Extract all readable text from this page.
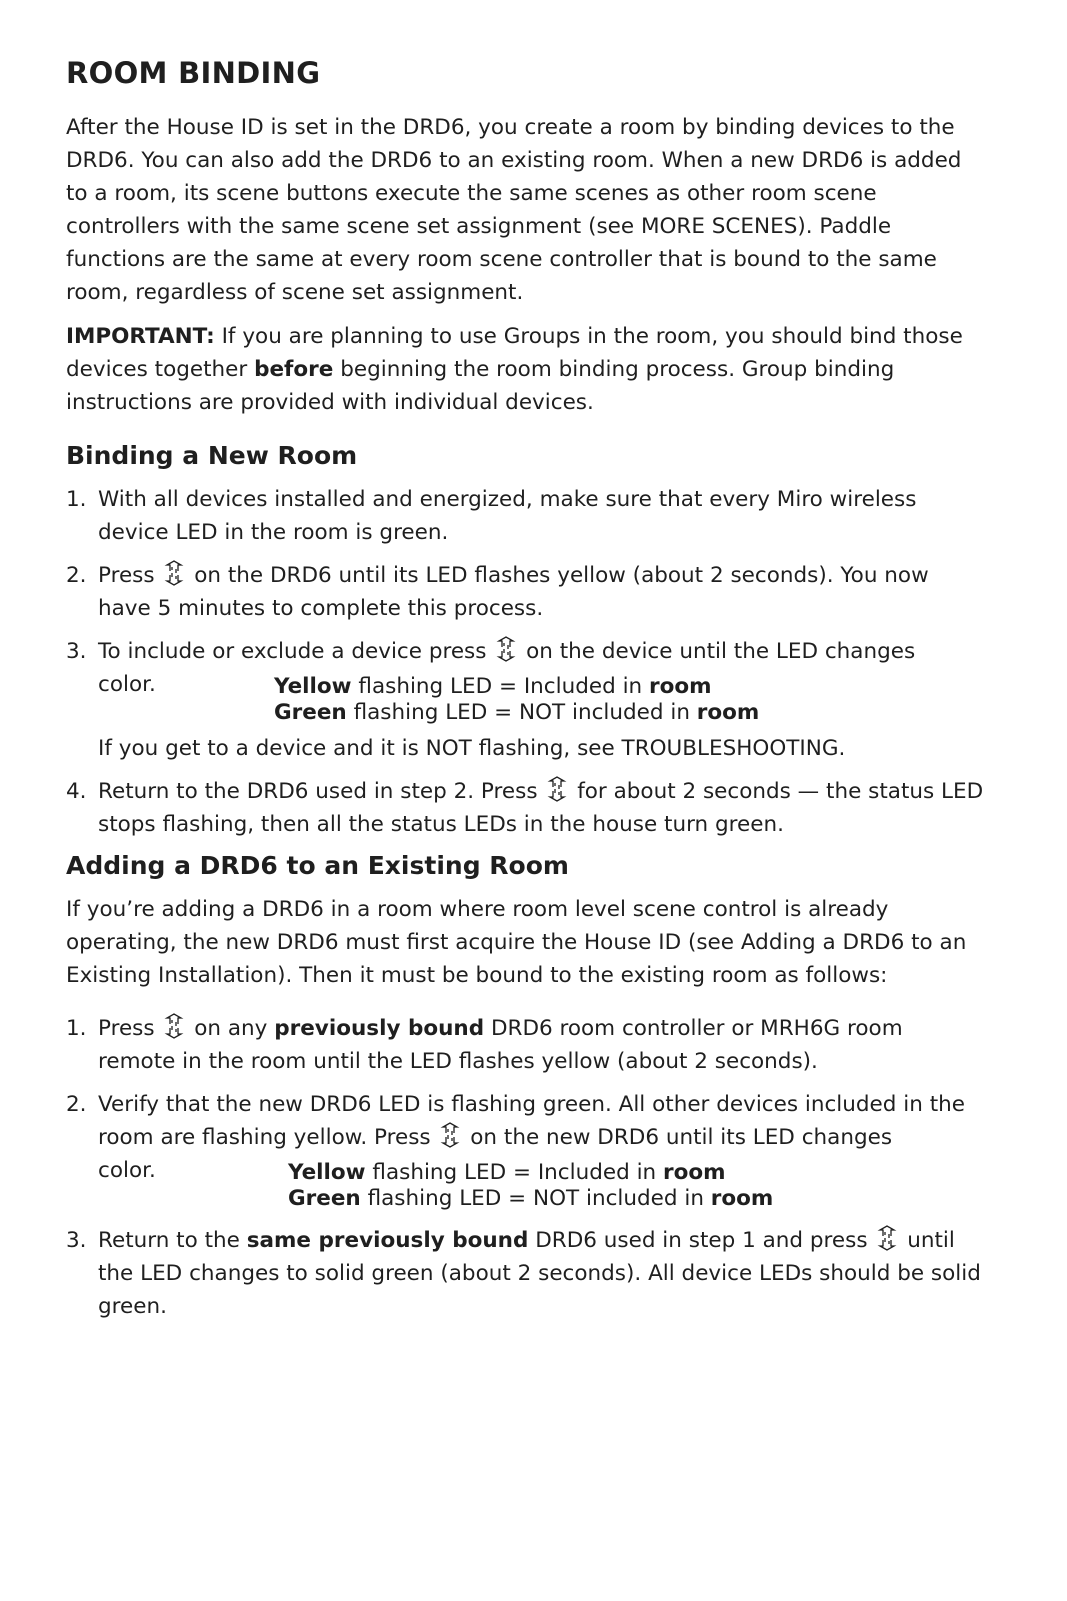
ROOM BINDING

After the House ID is set in the DRD6, you create a room by binding devices to the DRD6. You can also add the DRD6 to an existing room. When a new DRD6 is added to a room, its scene buttons execute the same scenes as other room scene controllers with the same scene set assignment (see MORE SCENES). Paddle functions are the same at every room scene controller that is bound to the same room, regardless of scene set assignment.

IMPORTANT: If you are planning to use Groups in the room, you should bind those devices together before beginning the room binding process. Group binding instructions are provided with individual devices.

Binding a New Room
1. With all devices installed and energized, make sure that every Miro wireless device LED in the room is green.
2. Press  on the DRD6 until its LED flashes yellow (about 2 seconds). You now have 5 minutes to complete this process.
3. To include or exclude a device press  on the device until the LED changes
color.	Yellow flashing LED = Included in room
Green flashing LED = NOT included in room
If you get to a device and it is NOT flashing, see TROUBLESHOOTING.
4. Return to the DRD6 used in step 2. Press  for about 2 seconds — the status LED stops flashing, then all the status LEDs in the house turn green.
Adding a DRD6 to an Existing Room

If you’re adding a DRD6 in a room where room level scene control is already operating, the new DRD6 must first acquire the House ID (see Adding a DRD6 to an Existing Installation). Then it must be bound to the existing room as follows:

1. Press  on any previously bound DRD6 room controller or MRH6G room remote in the room until the LED flashes yellow (about 2 seconds).
2. Verify that the new DRD6 LED is flashing green. All other devices included in the room are flashing yellow. Press  on the new DRD6 until its LED changes
color.	Yellow flashing LED = Included in room
Green flashing LED = NOT included in room
3. Return to the same previously bound DRD6 used in step 1 and press  until the LED changes to solid green (about 2 seconds). All device LEDs should be solid green.
